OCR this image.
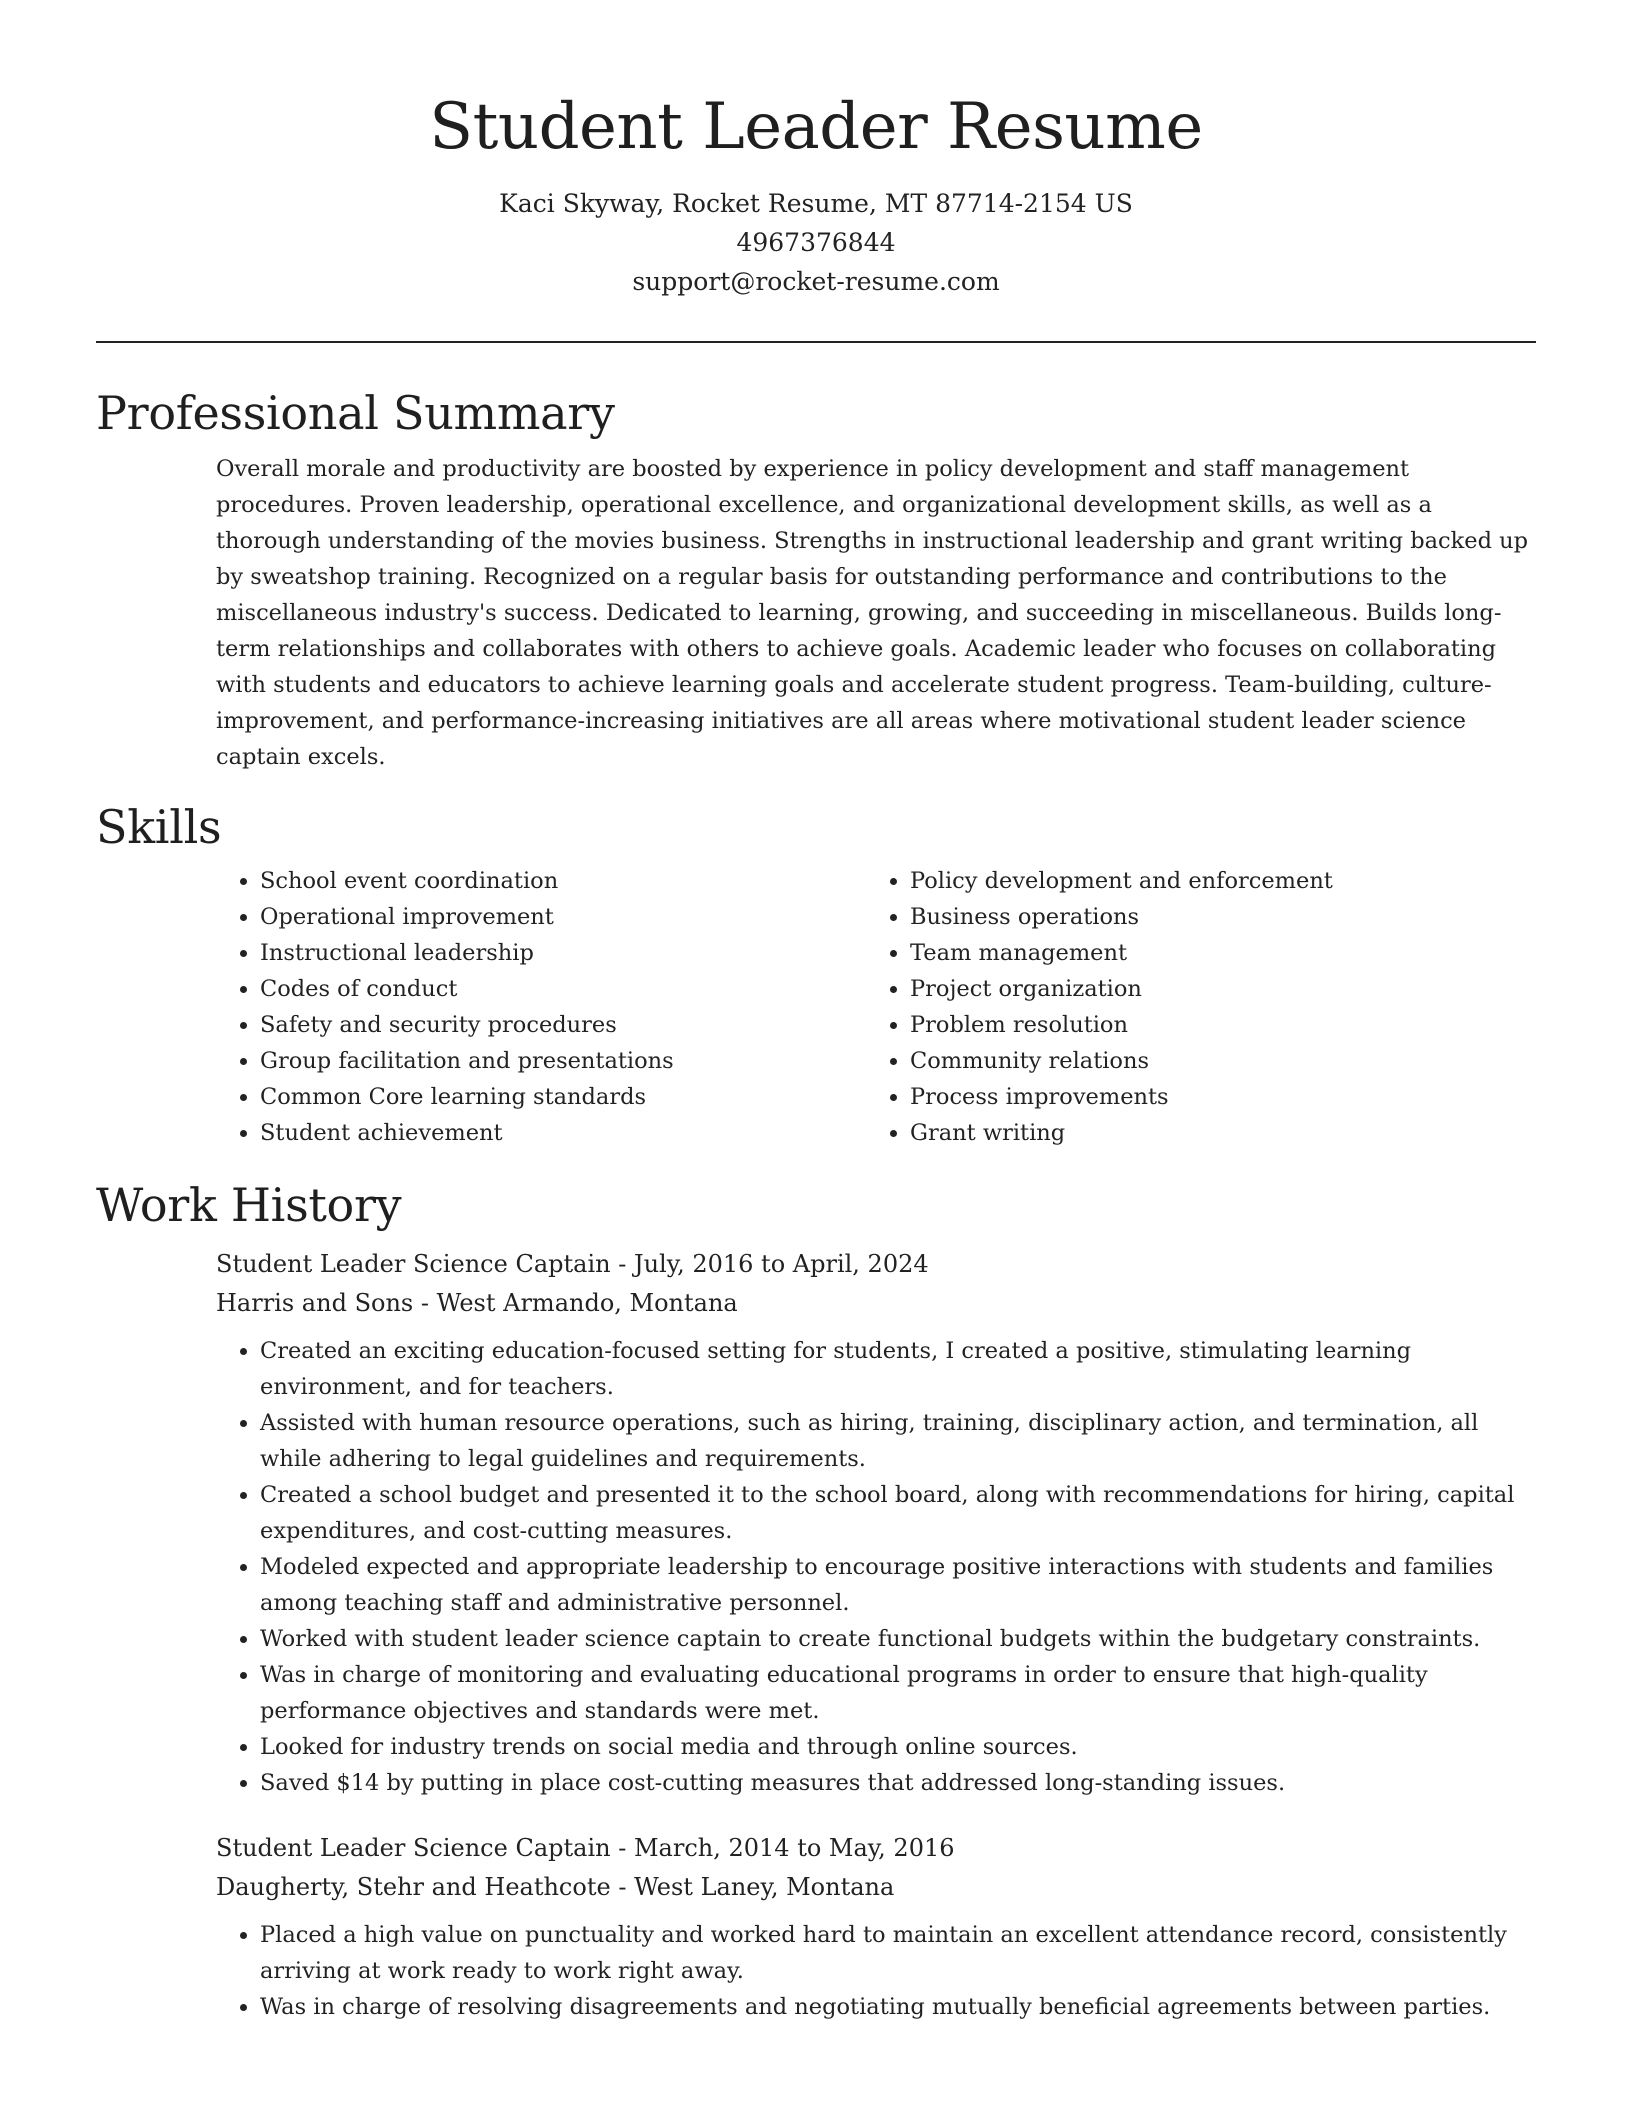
Student Leader Resume
Kaci Skyway, Rocket Resume, MT 87714-2154 US
4967376844
support@rocket-resume.com
Professional Summary

Overall morale and productivity are boosted by experience in policy development and staff management procedures. Proven leadership, operational excellence, and organizational development skills, as well as a thorough understanding of the movies business. Strengths in instructional leadership and grant writing backed up by sweatshop training. Recognized on a regular basis for outstanding performance and contributions to the miscellaneous industry's success. Dedicated to learning, growing, and succeeding in miscellaneous. Builds long-term relationships and collaborates with others to achieve goals. Academic leader who focuses on collaborating with students and educators to achieve learning goals and accelerate student progress. Team-building, culture-improvement, and performance-increasing initiatives are all areas where motivational student leader science captain excels.

Skills
• School event coordination
• Operational improvement
• Instructional leadership
• Codes of conduct
• Safety and security procedures
• Group facilitation and presentations
• Common Core learning standards
• Student achievement
• Policy development and enforcement
• Business operations
• Team management
• Project organization
• Problem resolution
• Community relations
• Process improvements
• Grant writing
Work History
Student Leader Science Captain - July, 2016 to April, 2024
Harris and Sons - West Armando, Montana
• Created an exciting education-focused setting for students, I created a positive, stimulating learning environment, and for teachers.
• Assisted with human resource operations, such as hiring, training, disciplinary action, and termination, all while adhering to legal guidelines and requirements.
• Created a school budget and presented it to the school board, along with recommendations for hiring, capital expenditures, and cost-cutting measures.
• Modeled expected and appropriate leadership to encourage positive interactions with students and families among teaching staff and administrative personnel.
• Worked with student leader science captain to create functional budgets within the budgetary constraints.
• Was in charge of monitoring and evaluating educational programs in order to ensure that high-quality performance objectives and standards were met.
• Looked for industry trends on social media and through online sources.
• Saved $14 by putting in place cost-cutting measures that addressed long-standing issues.
Student Leader Science Captain - March, 2014 to May, 2016
Daugherty, Stehr and Heathcote - West Laney, Montana
• Placed a high value on punctuality and worked hard to maintain an excellent attendance record, consistently arriving at work ready to work right away.
• Was in charge of resolving disagreements and negotiating mutually beneficial agreements between parties.
